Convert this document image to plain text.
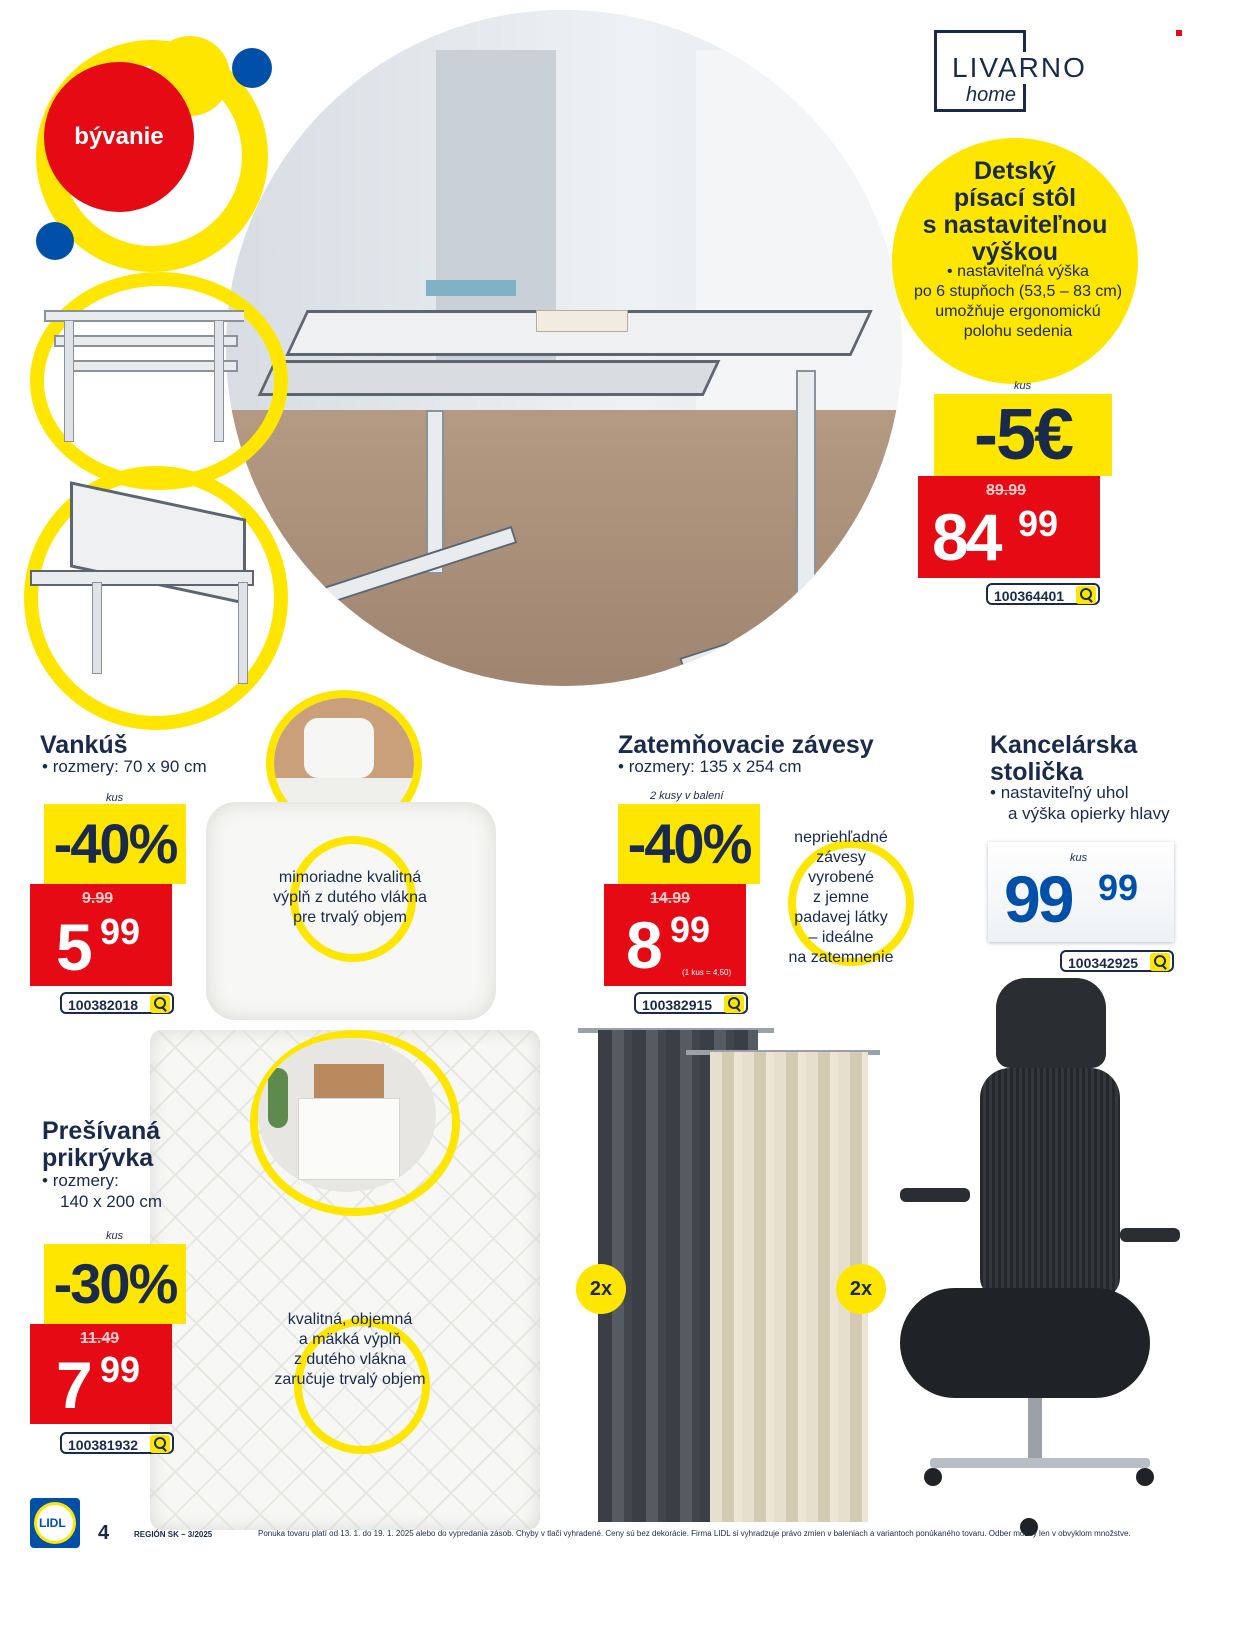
bývanie
LIVARNO
home
Detský
písací stôl
s nastaviteľnou
výškou
• nastaviteľná výška
po 6 stupňoch (53,5 – 83 cm)
umožňuje ergonomickú
polohu sedenia
kus
-5€
89.99
84 99
100364401
Vankúš
• rozmery: 70 x 90 cm
mimoriadne kvalitná
výplň z dutého vlákna
pre trvalý objem
kus
-40%
9.99
5 99
100382018
Prešívaná
prikrývka
• rozmery:
140 x 200 cm
kus
-30%
11.49
7 99
100381932
kvalitná, objemná
a mäkká výplň
z dutého vlákna
zaručuje trvalý objem
Zatemňovacie závesy
• rozmery: 135 x 254 cm
2 kusy v balení
-40%
14.99
8 99
(1 kus = 4,50)
100382915
nepriehľadné
závesy
vyrobené
z jemne
padavej látky
– ideálne
na zatemnenie
2x	2x
Kancelárska
stolička
• nastaviteľný uhol
a výška opierky hlavy
kus
99 99
100342925
LIDL 4	REGIÓN SK – 3/2025	Ponuka tovaru platí od 13. 1. do 19. 1. 2025 alebo do vypredania zásob. Chyby v tlači vyhradené. Ceny sú bez dekorácie. Firma LIDL si vyhradzuje právo zmien v baleniach a variantoch ponúkaného tovaru. Odber možný len v obvyklom množstve.
